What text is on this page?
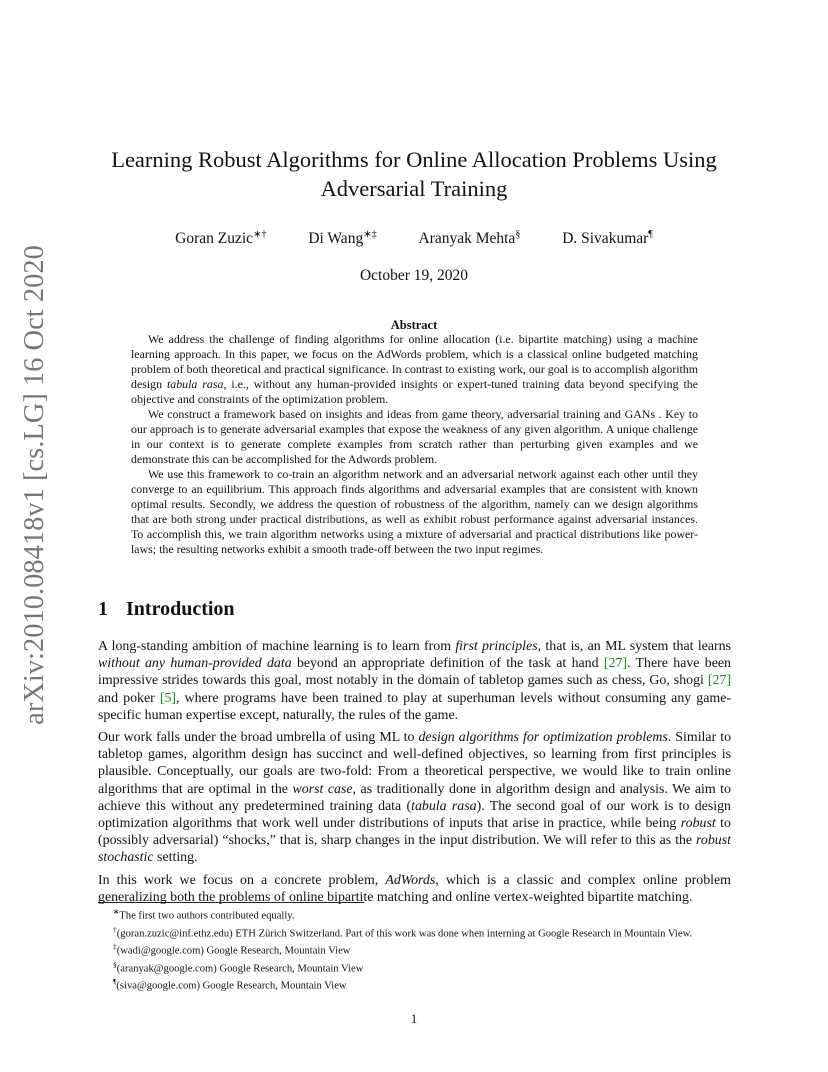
arXiv:2010.08418v1 [cs.LG] 16 Oct 2020
Learning Robust Algorithms for Online Allocation Problems Using Adversarial Training
Goran Zuzic∗†	Di Wang∗‡	Aranyak Mehta§	D. Sivakumar¶
October 19, 2020
Abstract

We address the challenge of finding algorithms for online allocation (i.e. bipartite matching) using a machine learning approach. In this paper, we focus on the AdWords problem, which is a classical online budgeted matching problem of both theoretical and practical significance. In contrast to existing work, our goal is to accomplish algorithm design tabula rasa, i.e., without any human-provided insights or expert-tuned training data beyond specifying the objective and constraints of the optimization problem.

We construct a framework based on insights and ideas from game theory, adversarial training and GANs . Key to our approach is to generate adversarial examples that expose the weakness of any given algorithm. A unique challenge in our context is to generate complete examples from scratch rather than perturbing given examples and we demonstrate this can be accomplished for the Adwords problem.

We use this framework to co-train an algorithm network and an adversarial network against each other until they converge to an equilibrium. This approach finds algorithms and adversarial examples that are consistent with known optimal results. Secondly, we address the question of robustness of the algorithm, namely can we design algorithms that are both strong under practical distributions, as well as exhibit robust performance against adversarial instances. To accomplish this, we train algorithm networks using a mixture of adversarial and practical distributions like power-laws; the resulting networks exhibit a smooth trade-off between the two input regimes.

1 Introduction

A long-standing ambition of machine learning is to learn from first principles, that is, an ML system that learns without any human-provided data beyond an appropriate definition of the task at hand [27]. There have been impressive strides towards this goal, most notably in the domain of tabletop games such as chess, Go, shogi [27] and poker [5], where programs have been trained to play at superhuman levels without consuming any game-specific human expertise except, naturally, the rules of the game.

Our work falls under the broad umbrella of using ML to design algorithms for optimization problems. Similar to tabletop games, algorithm design has succinct and well-defined objectives, so learning from first principles is plausible. Conceptually, our goals are two-fold: From a theoretical perspective, we would like to train online algorithms that are optimal in the worst case, as traditionally done in algorithm design and analysis. We aim to achieve this without any predetermined training data (tabula rasa). The second goal of our work is to design optimization algorithms that work well under distributions of inputs that arise in practice, while being robust to (possibly adversarial) “shocks,” that is, sharp changes in the input distribution. We will refer to this as the robust stochastic setting.

In this work we focus on a concrete problem, AdWords, which is a classic and complex online problem generalizing both the problems of online bipartite matching and online vertex-weighted bipartite matching.

∗The first two authors contributed equally.
†(goran.zuzic@inf.ethz.edu) ETH Zürich Switzerland. Part of this work was done when interning at Google Research in Mountain View.
‡(wadi@google.com) Google Research, Mountain View
§(aranyak@google.com) Google Research, Mountain View
¶(siva@google.com) Google Research, Mountain View
1
